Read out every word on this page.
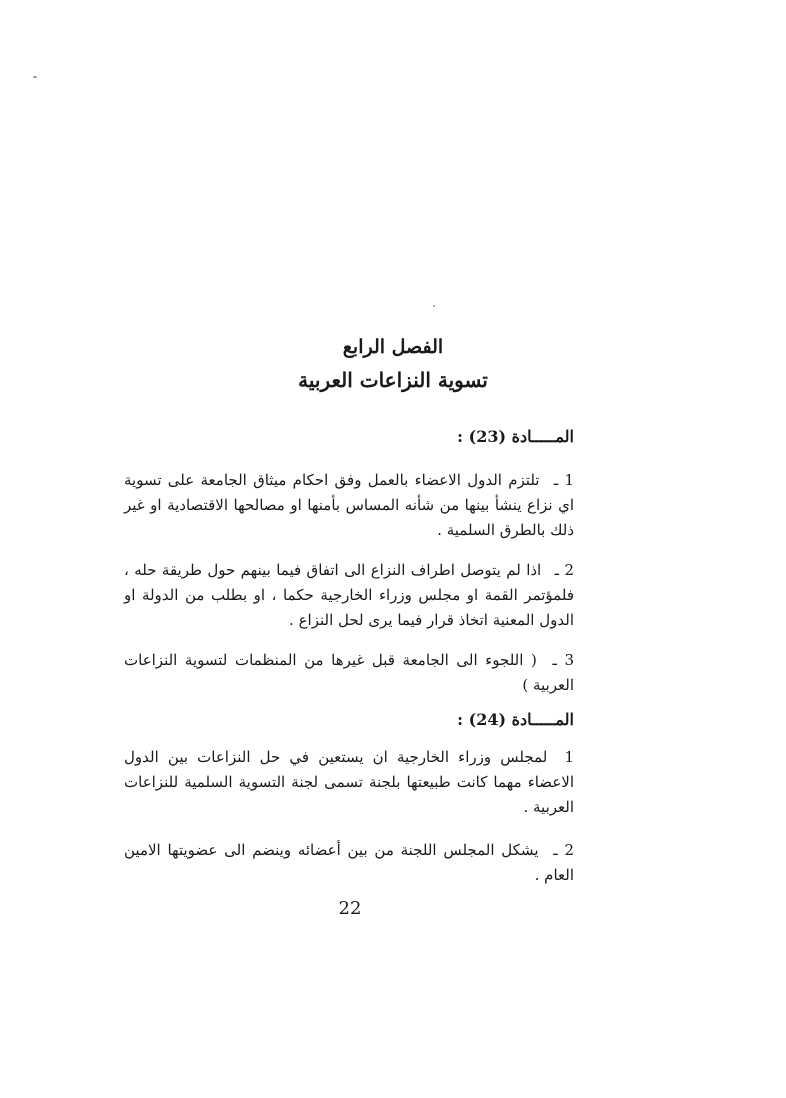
الفصل الرابع
تسوية النزاعات العربية
المـــــادة (23) :
1 ـ تلتزم الدول الاعضاء بالعمل وفق احكام ميثاق الجامعة على تسوية اي نزاع ينشأ بينها من شأنه المساس بأمنها او مصالحها الاقتصادية او غير ذلك بالطرق السلمية .
2 ـ اذا لم يتوصل اطراف النزاع الى اتفاق فيما بينهم حول طريقة حله ، فلمؤتمر القمة او مجلس وزراء الخارجية حكما ، او بطلب من الدولة او الدول المعنية اتخاذ قرار فيما يرى لحل النزاع .
3 ـ ( اللجوء الى الجامعة قبل غيرها من المنظمات لتسوية النزاعات العربية )
المـــــادة (24) :
1 لمجلس وزراء الخارجية ان يستعين في حل النزاعات بين الدول الاعضاء مهما كانت طبيعتها بلجنة تسمى لجنة التسوية السلمية للنزاعات العربية .
2 ـ يشكل المجلس اللجنة من بين أعضائه وينضم الى عضويتها الامين العام .
22
